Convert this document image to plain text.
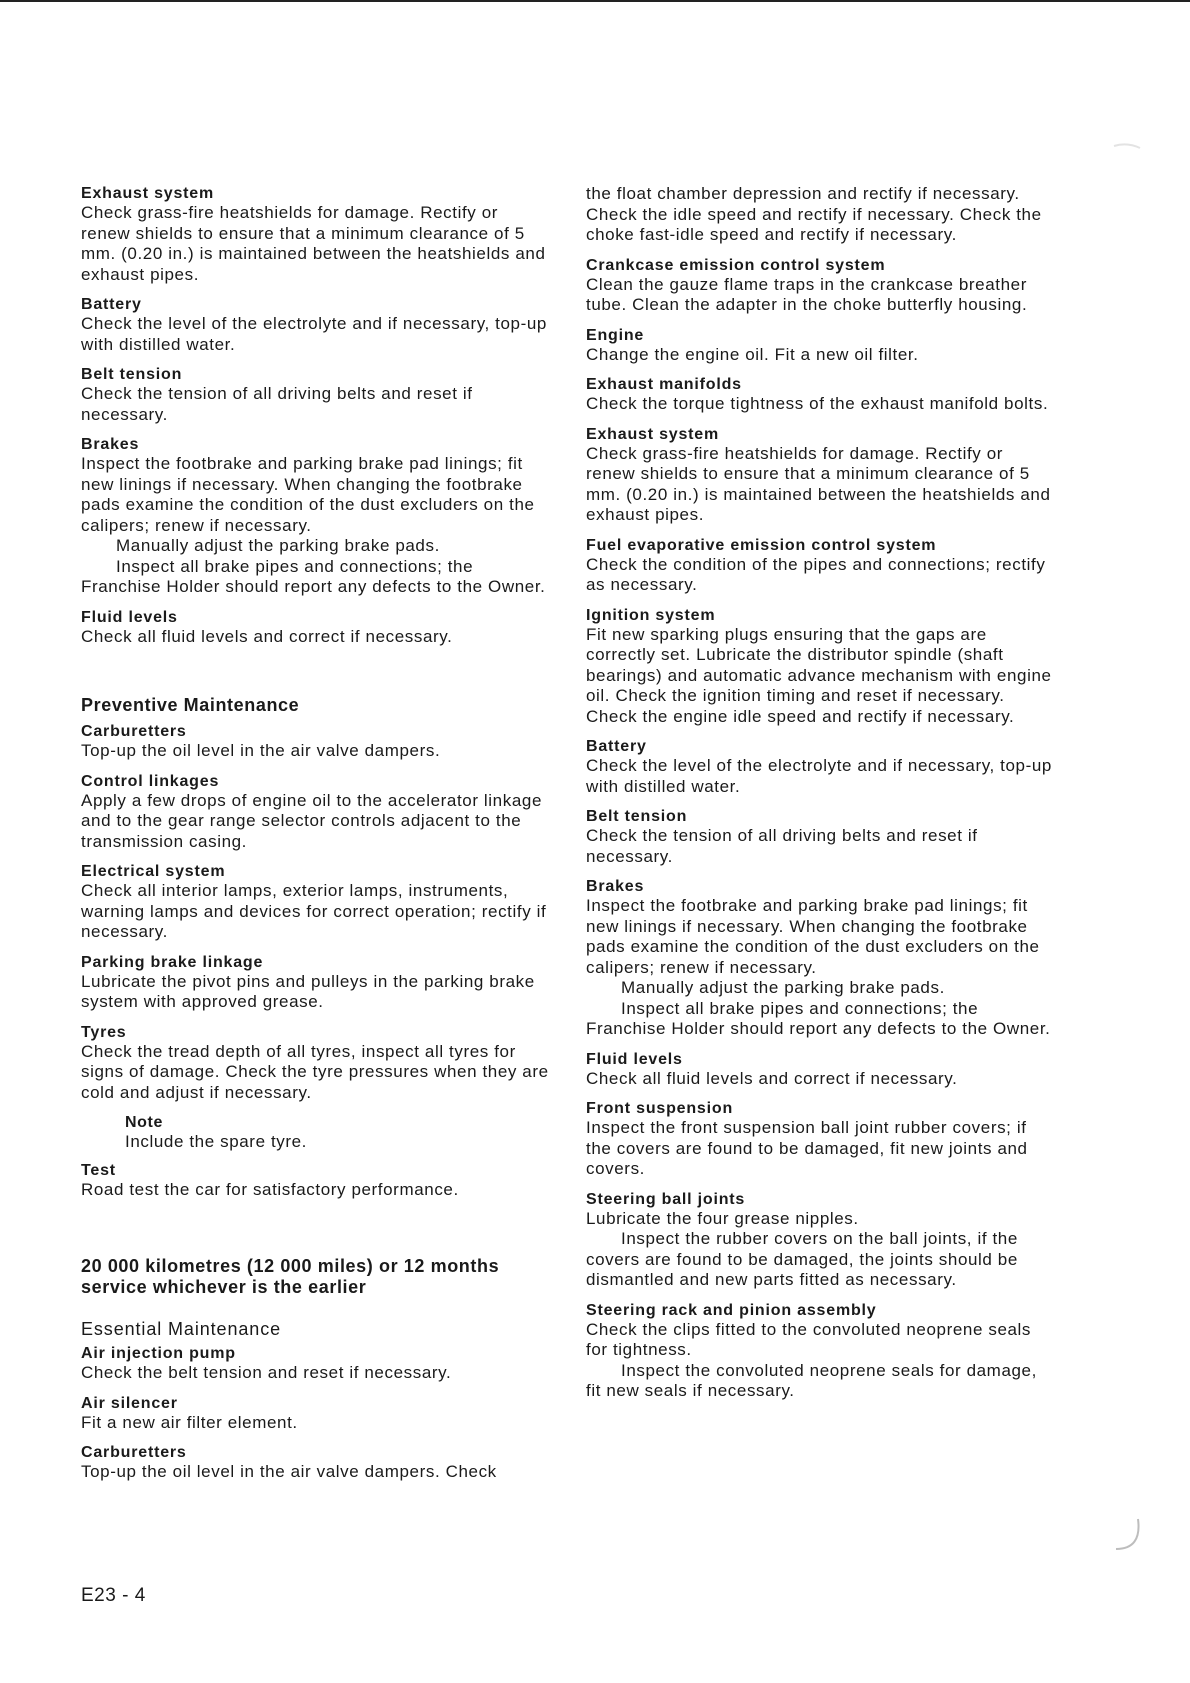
Exhaust system

Check grass-fire heatshields for damage. Rectify or renew shields to ensure that a minimum clearance of 5 mm. (0.20 in.) is maintained between the heatshields and exhaust pipes.

Battery

Check the level of the electrolyte and if necessary, top-up with distilled water.

Belt tension

Check the tension of all driving belts and reset if necessary.

Brakes

Inspect the footbrake and parking brake pad linings; fit new linings if necessary. When changing the footbrake pads examine the condition of the dust excluders on the calipers; renew if necessary.

Manually adjust the parking brake pads.

Inspect all brake pipes and connections; the Franchise Holder should report any defects to the Owner.

Fluid levels

Check all fluid levels and correct if necessary.

Preventive Maintenance
Carburetters

Top-up the oil level in the air valve dampers.

Control linkages

Apply a few drops of engine oil to the accelerator linkage and to the gear range selector controls adjacent to the transmission casing.

Electrical system

Check all interior lamps, exterior lamps, instruments, warning lamps and devices for correct operation; rectify if necessary.

Parking brake linkage

Lubricate the pivot pins and pulleys in the parking brake system with approved grease.

Tyres

Check the tread depth of all tyres, inspect all tyres for signs of damage. Check the tyre pressures when they are cold and adjust if necessary.

Note

Include the spare tyre.

Test

Road test the car for satisfactory performance.

20 000 kilometres (12 000 miles) or 12 months service whichever is the earlier
Essential Maintenance
Air injection pump

Check the belt tension and reset if necessary.

Air silencer

Fit a new air filter element.

Carburetters

Top-up the oil level in the air valve dampers. Check

the float chamber depression and rectify if necessary. Check the idle speed and rectify if necessary. Check the choke fast-idle speed and rectify if necessary.

Crankcase emission control system

Clean the gauze flame traps in the crankcase breather tube. Clean the adapter in the choke butterfly housing.

Engine

Change the engine oil. Fit a new oil filter.

Exhaust manifolds

Check the torque tightness of the exhaust manifold bolts.

Exhaust system

Check grass-fire heatshields for damage. Rectify or renew shields to ensure that a minimum clearance of 5 mm. (0.20 in.) is maintained between the heatshields and exhaust pipes.

Fuel evaporative emission control system

Check the condition of the pipes and connections; rectify as necessary.

Ignition system

Fit new sparking plugs ensuring that the gaps are correctly set. Lubricate the distributor spindle (shaft bearings) and automatic advance mechanism with engine oil. Check the ignition timing and reset if necessary. Check the engine idle speed and rectify if necessary.

Battery

Check the level of the electrolyte and if necessary, top-up with distilled water.

Belt tension

Check the tension of all driving belts and reset if necessary.

Brakes

Inspect the footbrake and parking brake pad linings; fit new linings if necessary. When changing the footbrake pads examine the condition of the dust excluders on the calipers; renew if necessary.

Manually adjust the parking brake pads.

Inspect all brake pipes and connections; the Franchise Holder should report any defects to the Owner.

Fluid levels

Check all fluid levels and correct if necessary.

Front suspension

Inspect the front suspension ball joint rubber covers; if the covers are found to be damaged, fit new joints and covers.

Steering ball joints

Lubricate the four grease nipples.

Inspect the rubber covers on the ball joints, if the covers are found to be damaged, the joints should be dismantled and new parts fitted as necessary.

Steering rack and pinion assembly

Check the clips fitted to the convoluted neoprene seals for tightness.

Inspect the convoluted neoprene seals for damage, fit new seals if necessary.

E23 - 4
